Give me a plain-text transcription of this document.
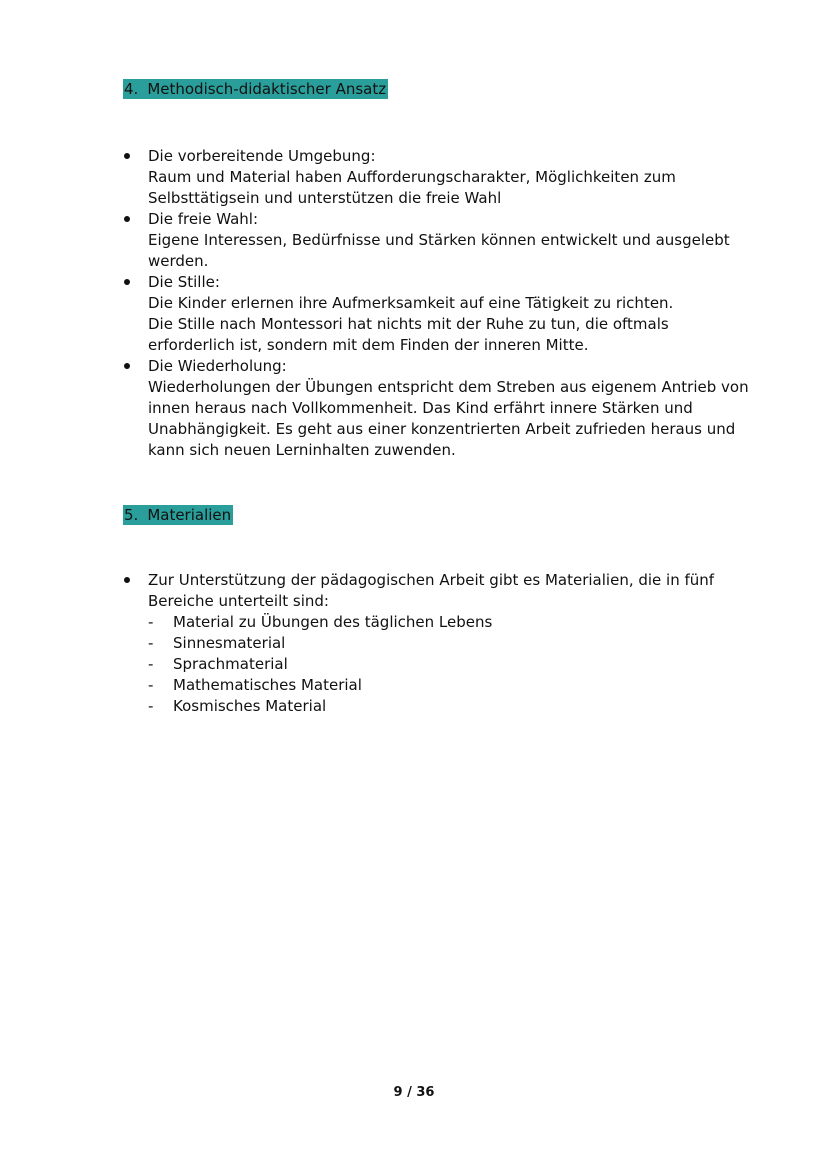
4. Methodisch-didaktischer Ansatz
Die vorbereitende Umgebung:
Raum und Material haben Aufforderungscharakter, Möglichkeiten zum
Selbsttätigsein und unterstützen die freie Wahl
Die freie Wahl:
Eigene Interessen, Bedürfnisse und Stärken können entwickelt und ausgelebt
werden.
Die Stille:
Die Kinder erlernen ihre Aufmerksamkeit auf eine Tätigkeit zu richten.
Die Stille nach Montessori hat nichts mit der Ruhe zu tun, die oftmals
erforderlich ist, sondern mit dem Finden der inneren Mitte.
Die Wiederholung:
Wiederholungen der Übungen entspricht dem Streben aus eigenem Antrieb von
innen heraus nach Vollkommenheit. Das Kind erfährt innere Stärken und
Unabhängigkeit. Es geht aus einer konzentrierten Arbeit zufrieden heraus und
kann sich neuen Lerninhalten zuwenden.
5. Materialien
Zur Unterstützung der pädagogischen Arbeit gibt es Materialien, die in fünf
Bereiche unterteilt sind:
- Material zu Übungen des täglichen Lebens
- Sinnesmaterial
- Sprachmaterial
- Mathematisches Material
- Kosmisches Material
9 / 36
